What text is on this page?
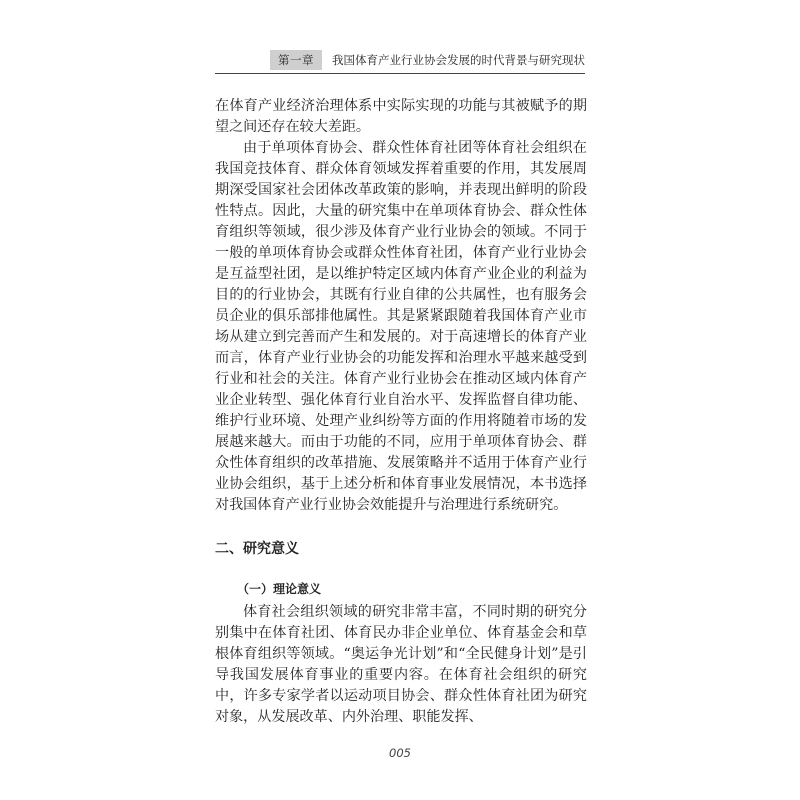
第一章	我国体育产业行业协会发展的时代背景与研究现状

在体育产业经济治理体系中实际实现的功能与其被赋予的期望之间还存在较大差距。

由于单项体育协会、群众性体育社团等体育社会组织在我国竞技体育、群众体育领域发挥着重要的作用，其发展周期深受国家社会团体改革政策的影响，并表现出鲜明的阶段性特点。因此，大量的研究集中在单项体育协会、群众性体育组织等领域，很少涉及体育产业行业协会的领域。不同于一般的单项体育协会或群众性体育社团，体育产业行业协会是互益型社团，是以维护特定区域内体育产业企业的利益为目的的行业协会，其既有行业自律的公共属性，也有服务会员企业的俱乐部排他属性。其是紧紧跟随着我国体育产业市场从建立到完善而产生和发展的。对于高速增长的体育产业而言，体育产业行业协会的功能发挥和治理水平越来越受到行业和社会的关注。体育产业行业协会在推动区域内体育产业企业转型、强化体育行业自治水平、发挥监督自律功能、维护行业环境、处理产业纠纷等方面的作用将随着市场的发展越来越大。而由于功能的不同，应用于单项体育协会、群众性体育组织的改革措施、发展策略并不适用于体育产业行业协会组织，基于上述分析和体育事业发展情况，本书选择对我国体育产业行业协会效能提升与治理进行系统研究。

二、研究意义
（一）理论意义

体育社会组织领域的研究非常丰富，不同时期的研究分别集中在体育社团、体育民办非企业单位、体育基金会和草根体育组织等领域。“奥运争光计划”和“全民健身计划”是引导我国发展体育事业的重要内容。在体育社会组织的研究中，许多专家学者以运动项目协会、群众性体育社团为研究对象，从发展改革、内外治理、职能发挥、

005
